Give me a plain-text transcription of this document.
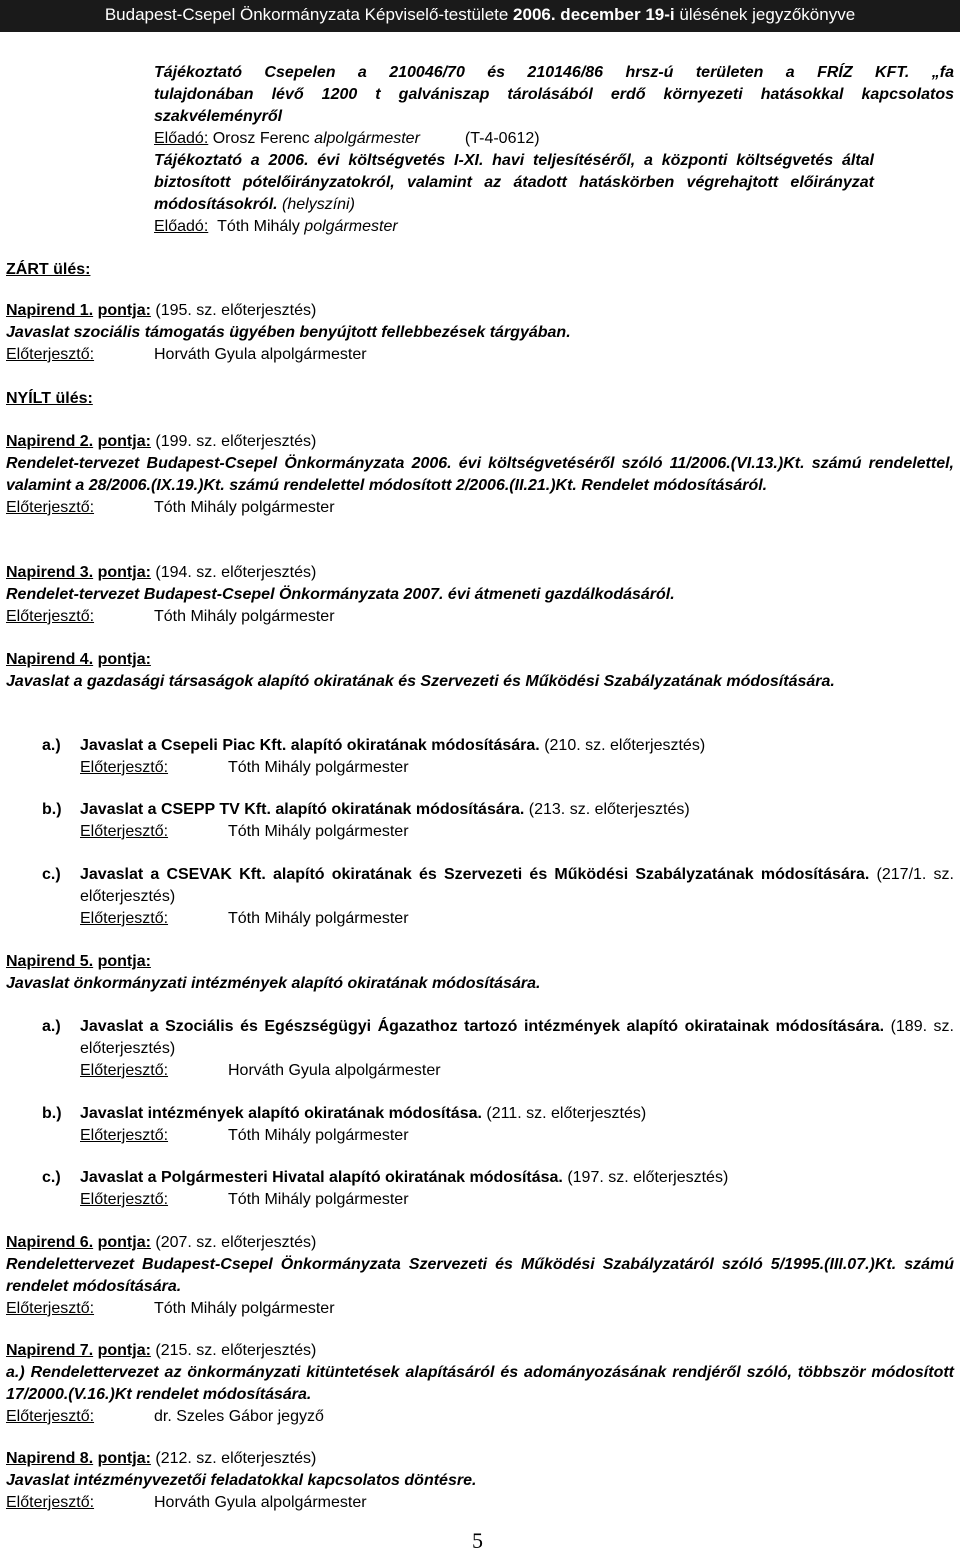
Budapest-Csepel Önkormányzata Képviselő-testülete 2006. december 19-i ülésének jegyzőkönyve
Tájékoztató Csepelen a 210046/70 és 210146/86 hrsz-ú területen a FRÍZ KFT. „fa
tulajdonában lévő 1200 t galvániszap tárolásából erdő környezeti hatásokkal kapcsolatos
szakvéleményről
Előadó: Orosz Ferenc alpolgármester	(T-4-0612)
Tájékoztató a 2006. évi költségvetés I-XI. havi teljesítéséről, a központi költségvetés által biztosított pótelőirányzatokról, valamint az átadott hatáskörben végrehajtott előirányzat módosításokról. (helyszíni)
Előadó: Tóth Mihály polgármester
ZÁRT ülés:
Napirend 1. pontja: (195. sz. előterjesztés)
Javaslat szociális támogatás ügyében benyújtott fellebbezések tárgyában.
Előterjesztő:	Horváth Gyula alpolgármester
NYÍLT ülés:
Napirend 2. pontja: (199. sz. előterjesztés)
Rendelet-tervezet Budapest-Csepel Önkormányzata 2006. évi költségvetéséről szóló 11/2006.(VI.13.)Kt. számú rendelettel, valamint a 28/2006.(IX.19.)Kt. számú rendelettel módosított 2/2006.(II.21.)Kt. Rendelet módosításáról.
Előterjesztő:	Tóth Mihály polgármester
Napirend 3. pontja: (194. sz. előterjesztés)
Rendelet-tervezet Budapest-Csepel Önkormányzata 2007. évi átmeneti gazdálkodásáról.
Előterjesztő:	Tóth Mihály polgármester
Napirend 4. pontja:
Javaslat a gazdasági társaságok alapító okiratának és Szervezeti és Működési Szabályzatának módosítására.
a.) Javaslat a Csepeli Piac Kft. alapító okiratának módosítására. (210. sz. előterjesztés)
Előterjesztő:	Tóth Mihály polgármester
b.) Javaslat a CSEPP TV Kft. alapító okiratának módosítására. (213. sz. előterjesztés)
Előterjesztő:	Tóth Mihály polgármester
c.)	Javaslat a CSEVAK Kft. alapító okiratának és Szervezeti és Működési Szabályzatának módosítására. (217/1. sz. előterjesztés)
Előterjesztő:	Tóth Mihály polgármester
Napirend 5. pontja:
Javaslat önkormányzati intézmények alapító okiratának módosítására.
a.)	Javaslat a Szociális és Egészségügyi Ágazathoz tartozó intézmények alapító okiratainak módosítására. (189. sz. előterjesztés)
Előterjesztő:	Horváth Gyula alpolgármester
b.) Javaslat intézmények alapító okiratának módosítása. (211. sz. előterjesztés)
Előterjesztő:	Tóth Mihály polgármester
c.) Javaslat a Polgármesteri Hivatal alapító okiratának módosítása. (197. sz. előterjesztés)
Előterjesztő:	Tóth Mihály polgármester
Napirend 6. pontja: (207. sz. előterjesztés)
Rendelettervezet Budapest-Csepel Önkormányzata Szervezeti és Működési Szabályzatáról szóló 5/1995.(III.07.)Kt. számú rendelet módosítására.
Előterjesztő:	Tóth Mihály polgármester
Napirend 7. pontja: (215. sz. előterjesztés)
a.) Rendelettervezet az önkormányzati kitüntetések alapításáról és adományozásának rendjéről szóló, többször módosított 17/2000.(V.16.)Kt rendelet módosítására.
Előterjesztő:	dr. Szeles Gábor jegyző
Napirend 8. pontja: (212. sz. előterjesztés)
Javaslat intézményvezetői feladatokkal kapcsolatos döntésre.
Előterjesztő:	Horváth Gyula alpolgármester
5
